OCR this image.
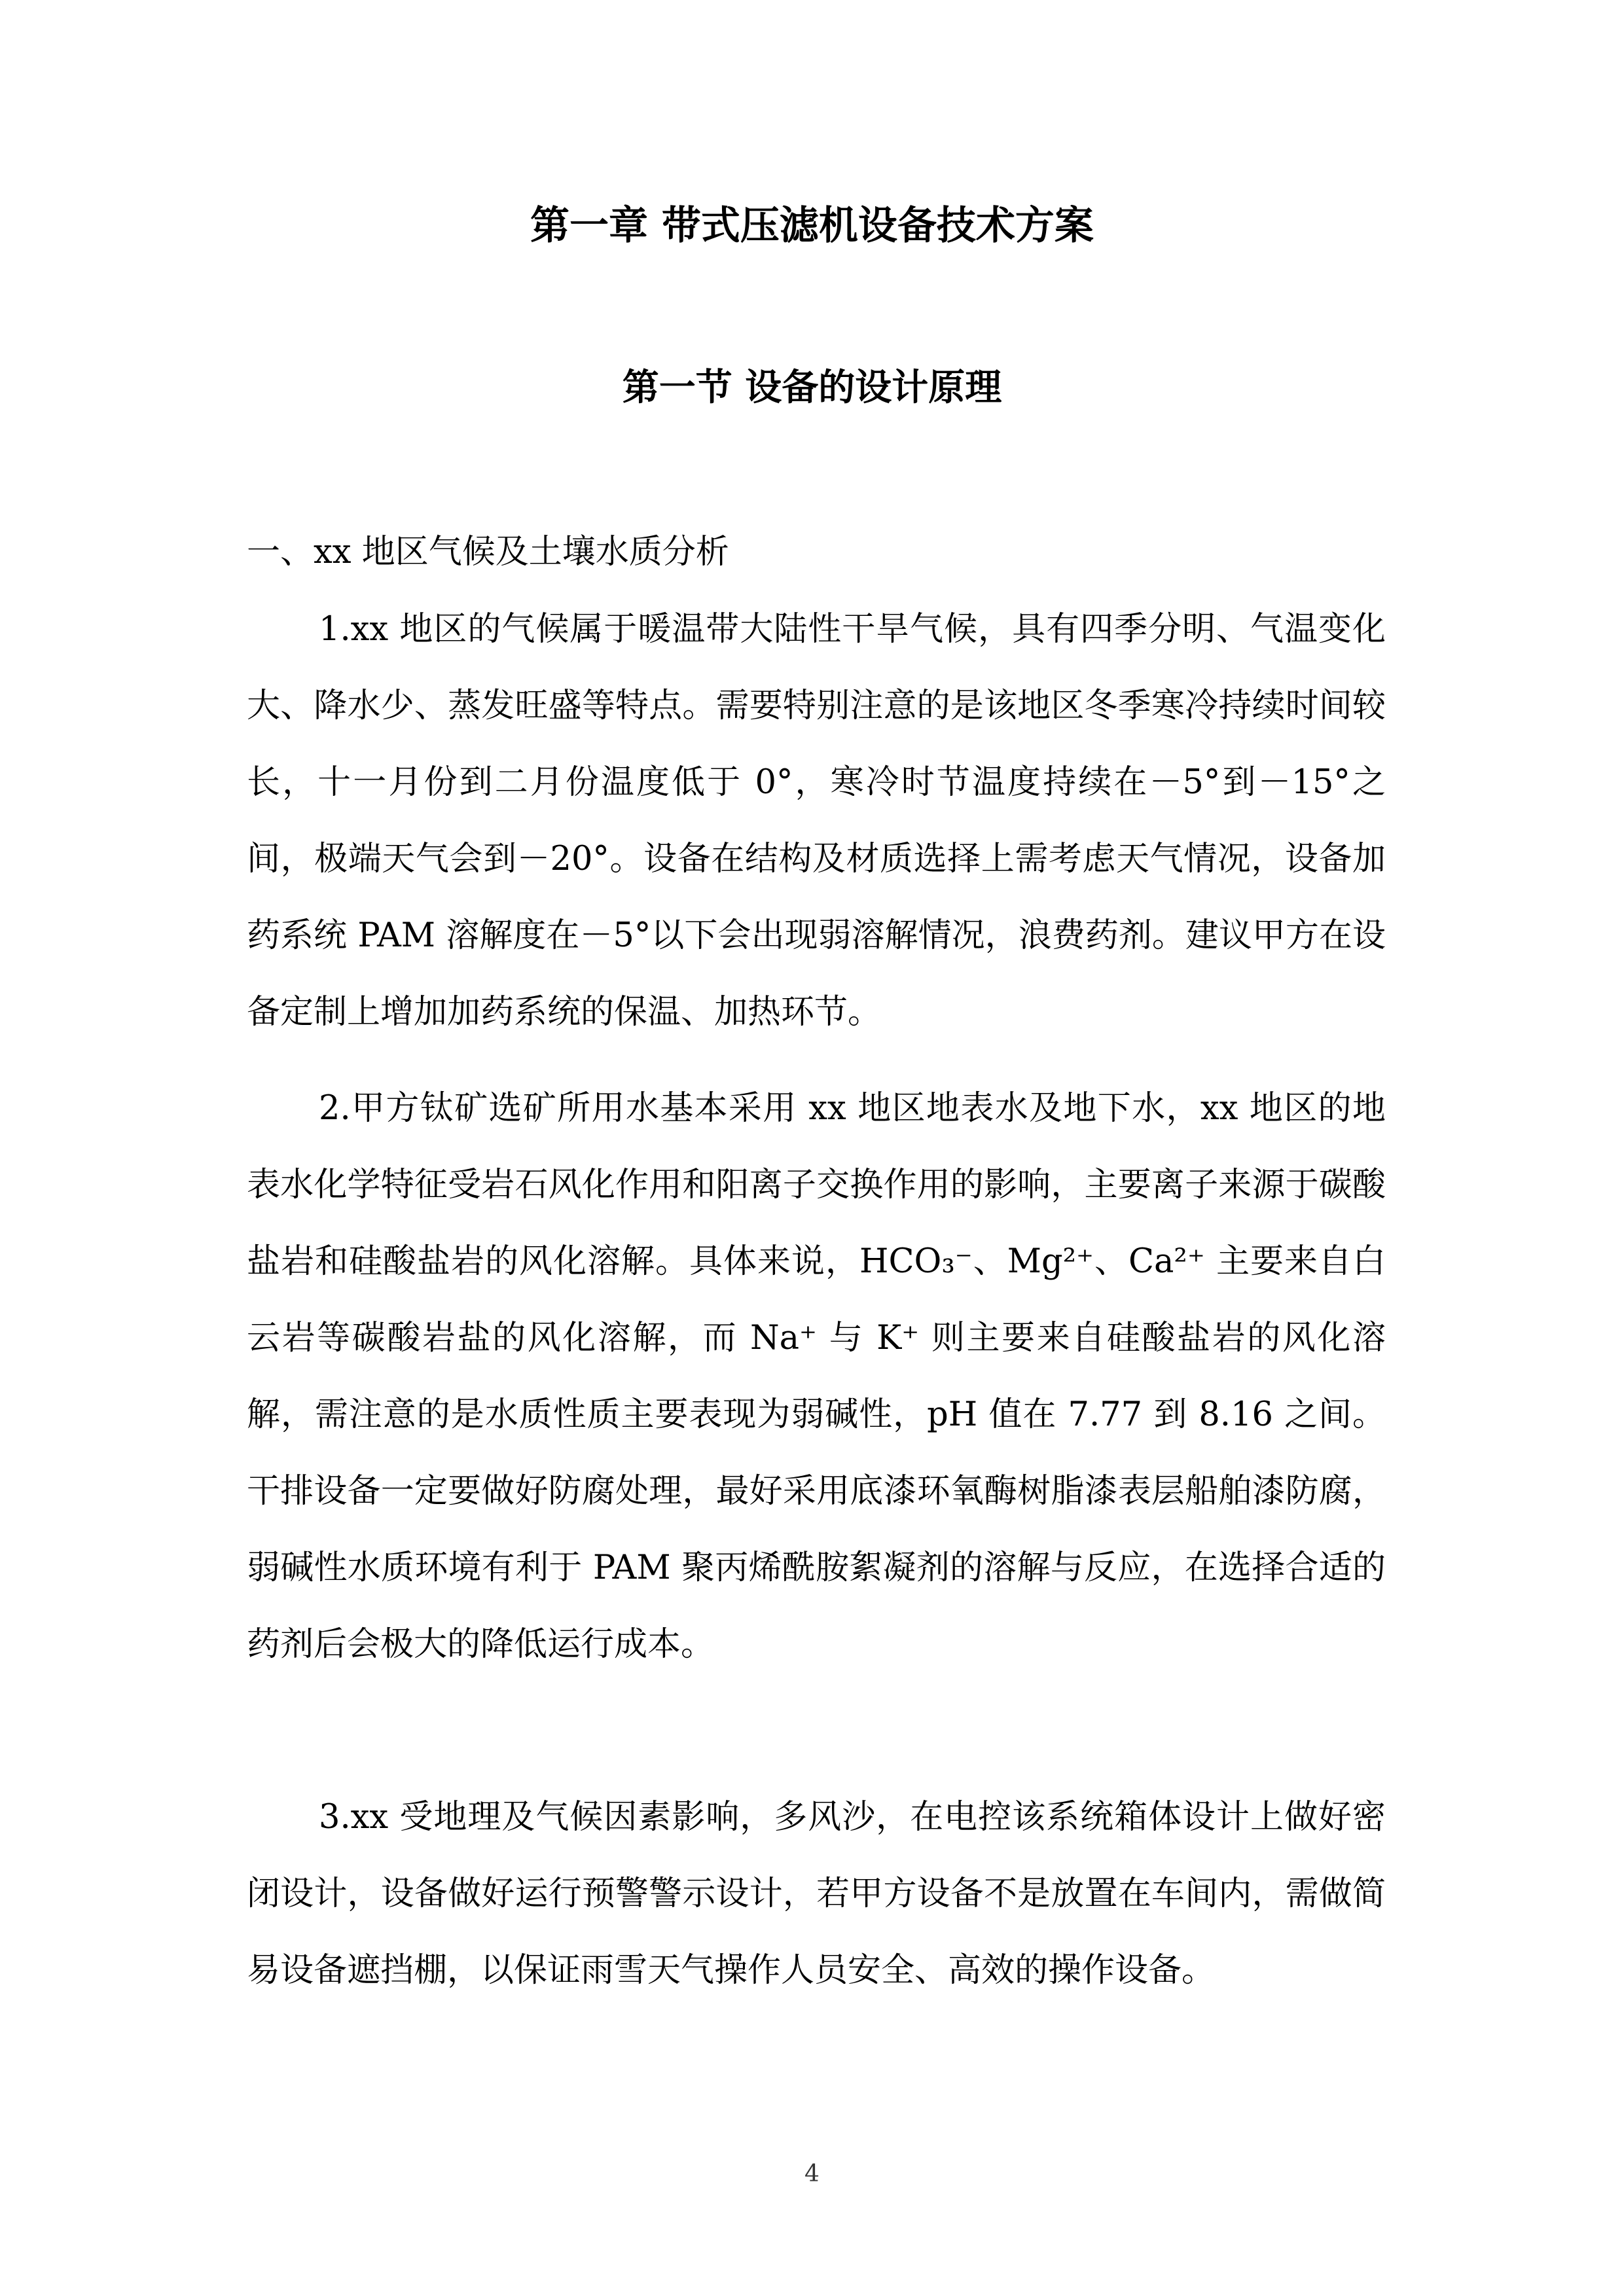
第一章 带式压滤机设备技术方案
第一节 设备的设计原理

一、xx 地区气候及土壤水质分析

1.xx 地区的气候属于暖温带大陆性干旱气候，具有四季分明、气温变化大、降水少、蒸发旺盛等特点。需要特别注意的是该地区冬季寒冷持续时间较长，十一月份到二月份温度低于 0°，寒冷时节温度持续在－5°到－15°之间，极端天气会到－20°。设备在结构及材质选择上需考虑天气情况，设备加药系统 PAM 溶解度在－5°以下会出现弱溶解情况，浪费药剂。建议甲方在设备定制上增加加药系统的保温、加热环节。

2.甲方钛矿选矿所用水基本采用 xx 地区地表水及地下水，xx 地区的地表水化学特征受岩石风化作用和阳离子交换作用的影响，主要离子来源于碳酸盐岩和硅酸盐岩的风化溶解。具体来说，HCO₃⁻、Mg²⁺、Ca²⁺ 主要来自白云岩等碳酸岩盐的风化溶解，而 Na⁺ 与 K⁺ 则主要来自硅酸盐岩的风化溶解，需注意的是水质性质主要表现为弱碱性，pH 值在 7.77 到 8.16 之间。干排设备一定要做好防腐处理，最好采用底漆环氧酶树脂漆表层船舶漆防腐，弱碱性水质环境有利于 PAM 聚丙烯酰胺絮凝剂的溶解与反应，在选择合适的药剂后会极大的降低运行成本。

3.xx 受地理及气候因素影响，多风沙，在电控该系统箱体设计上做好密闭设计，设备做好运行预警警示设计，若甲方设备不是放置在车间内，需做简易设备遮挡棚，以保证雨雪天气操作人员安全、高效的操作设备。

4
